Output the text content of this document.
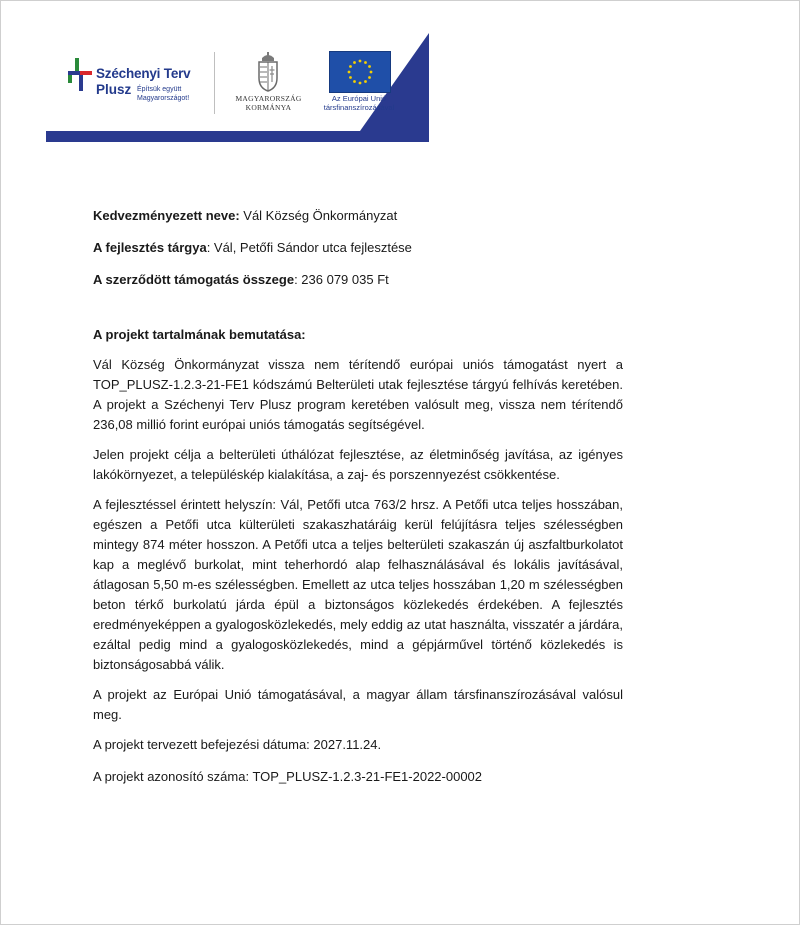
Széchenyi Terv
Plusz Építsük együtt
Magyarországot!	MAGYARORSZÁG
KORMÁNYA
Az Európai Unió
társfinanszírozásával
Kedvezményezett neve: Vál Község Önkormányzat
A fejlesztés tárgya: Vál, Petőfi Sándor utca fejlesztése
A szerződött támogatás összege: 236 079 035 Ft
A projekt tartalmának bemutatása:

Vál Község Önkormányzat vissza nem térítendő európai uniós támogatást nyert a TOP_PLUSZ-1.2.3-21-FE1 kódszámú Belterületi utak fejlesztése tárgyú felhívás keretében. A projekt a Széchenyi Terv Plusz program keretében valósult meg, vissza nem térítendő 236,08 millió forint európai uniós támogatás segítségével.

Jelen projekt célja a belterületi úthálózat fejlesztése, az életminőség javítása, az igényes lakókörnyezet, a településkép kialakítása, a zaj- és porszennyezést csökkentése.

A fejlesztéssel érintett helyszín: Vál, Petőfi utca 763/2 hrsz. A Petőfi utca teljes hosszában, egészen a Petőfi utca külterületi szakaszhatáráig kerül felújításra teljes szélességben mintegy 874 méter hosszon. A Petőfi utca a teljes belterületi szakaszán új aszfaltburkolatot kap a meglévő burkolat, mint teherhordó alap felhasználásával és lokális javításával, átlagosan 5,50 m-es szélességben. Emellett az utca teljes hosszában 1,20 m szélességben beton térkő burkolatú járda épül a biztonságos közlekedés érdekében. A fejlesztés eredményeképpen a gyalogosközlekedés, mely eddig az utat használta, visszatér a járdára, ezáltal pedig mind a gyalogosközlekedés, mind a gépjárművel történő közlekedés is biztonságosabbá válik.

A projekt az Európai Unió támogatásával, a magyar állam társfinanszírozásával valósul meg.

A projekt tervezett befejezési dátuma: 2027.11.24.

A projekt azonosító száma: TOP_PLUSZ-1.2.3-21-FE1-2022-00002
